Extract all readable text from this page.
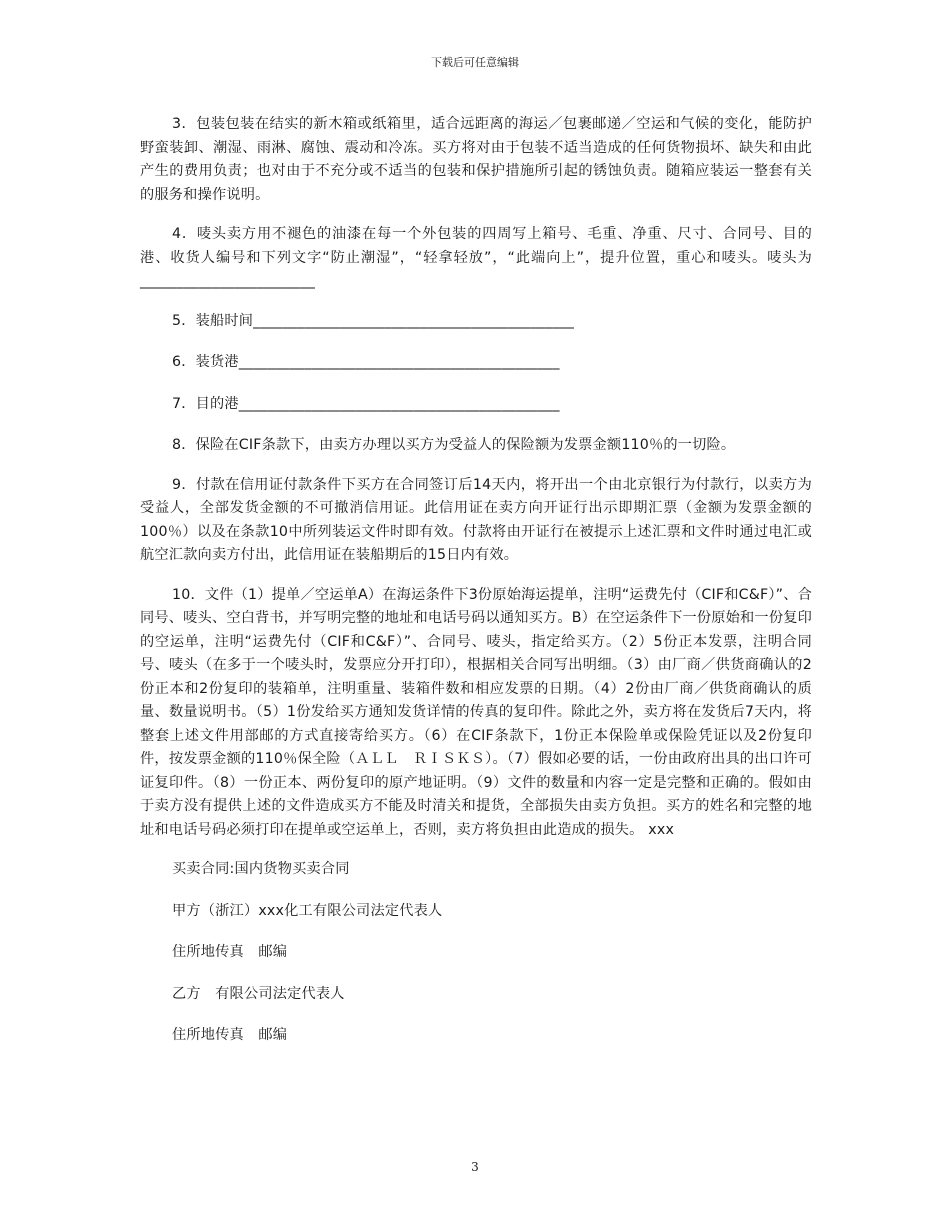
下载后可任意编辑

3．包装包装在结实的新木箱或纸箱里，适合远距离的海运／包裹邮递／空运和气候的变化，能防护野蛮装卸、潮湿、雨淋、腐蚀、震动和冷冻。买方将对由于包装不适当造成的任何货物损坏、缺失和由此产生的费用负责；也对由于不充分或不适当的包装和保护措施所引起的锈蚀负责。随箱应装运一整套有关的服务和操作说明。

4．唛头卖方用不褪色的油漆在每一个外包装的四周写上箱号、毛重、净重、尺寸、合同号、目的港、收货人编号和下列文字“防止潮湿”，“轻拿轻放”，“此端向上”，提升位置，重心和唛头。唛头为________________________

5．装船时间____________________________________________

6．装货港____________________________________________

7．目的港____________________________________________

8．保险在CIF条款下，由卖方办理以买方为受益人的保险额为发票金额110％的一切险。

9．付款在信用证付款条件下买方在合同签订后14天内，将开出一个由北京银行为付款行，以卖方为受益人，全部发货金额的不可撤消信用证。此信用证在卖方向开证行出示即期汇票（金额为发票金额的100％）以及在条款10中所列装运文件时即有效。付款将由开证行在被提示上述汇票和文件时通过电汇或航空汇款向卖方付出，此信用证在装船期后的15日内有效。

10．文件（1）提单／空运单A）在海运条件下3份原始海运提单，注明“运费先付（CIF和C&F）”、合同号、唛头、空白背书，并写明完整的地址和电话号码以通知买方。B）在空运条件下一份原始和一份复印的空运单，注明“运费先付（CIF和C&F）”、合同号、唛头，指定给买方。（2）5份正本发票，注明合同号、唛头（在多于一个唛头时，发票应分开打印），根据相关合同写出明细。（3）由厂商／供货商确认的2份正本和2份复印的装箱单，注明重量、装箱件数和相应发票的日期。（4）2份由厂商／供货商确认的质量、数量说明书。（5）1份发给买方通知发货详情的传真的复印件。除此之外，卖方将在发货后7天内，将整套上述文件用部邮的方式直接寄给买方。（6）在CIF条款下，1份正本保险单或保险凭证以及2份复印件，按发票金额的110％保全险（ＡＬＬ　ＲＩＳＫＳ）。（7）假如必要的话，一份由政府出具的出口许可证复印件。（8）一份正本、两份复印的原产地证明。（9）文件的数量和内容一定是完整和正确的。假如由于卖方没有提供上述的文件造成买方不能及时清关和提货，全部损失由卖方负担。买方的姓名和完整的地址和电话号码必须打印在提单或空运单上，否则，卖方将负担由此造成的损失。 xxx

买卖合同:国内货物买卖合同

甲方（浙江）xxx化工有限公司法定代表人

住所地传真　邮编

乙方　有限公司法定代表人

住所地传真　邮编

3
